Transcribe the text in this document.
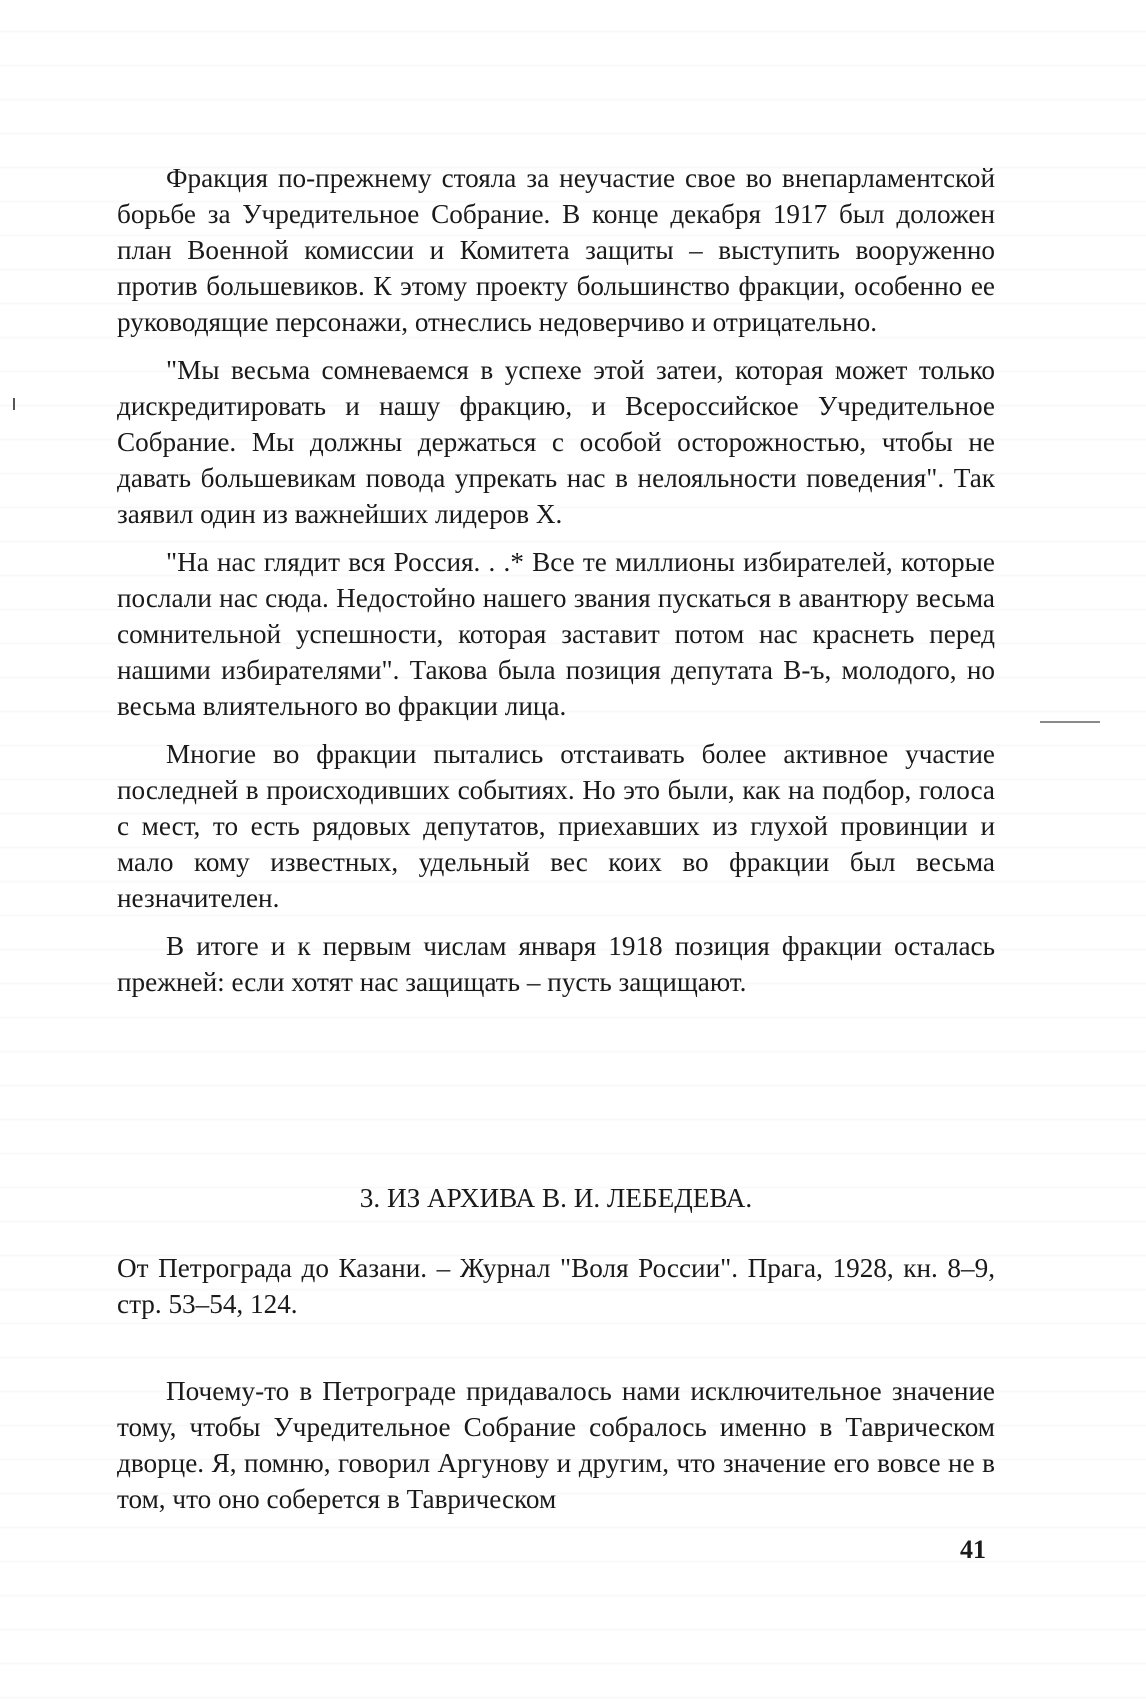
Фракция по-прежнему стояла за неучастие свое во внепарламентской борьбе за Учредительное Собрание. В конце декабря 1917 был доложен план Военной комиссии и Комитета защиты – выступить вооруженно против большевиков. К этому проекту большинство фракции, особенно ее руководящие персонажи, отнеслись недоверчиво и отрицательно.

"Мы весьма сомневаемся в успехе этой затеи, которая может только дискредитировать и нашу фракцию, и Всероссийское Учредительное Собрание. Мы должны держаться с особой осторожностью, чтобы не давать большевикам повода упрекать нас в нелояльности поведения". Так заявил один из важнейших лидеров Х.

"На нас глядит вся Россия. . .* Все те миллионы избирателей, которые послали нас сюда. Недостойно нашего звания пускаться в авантюру весьма сомнительной успешности, которая заставит потом нас краснеть перед нашими избирателями". Такова была позиция депутата В-ъ, молодого, но весьма влиятельного во фракции лица.

Многие во фракции пытались отстаивать более активное участие последней в происходивших событиях. Но это были, как на подбор, голоса с мест, то есть рядовых депутатов, приехавших из глухой провинции и мало кому известных, удельный вес коих во фракции был весьма незначителен.

В итоге и к первым числам января 1918 позиция фракции осталась прежней: если хотят нас защищать – пусть защищают.

3. ИЗ АРХИВА В. И. ЛЕБЕДЕВА.

От Петрограда до Казани. – Журнал "Воля России". Прага, 1928, кн. 8–9, стр. 53–54, 124.

Почему-то в Петрограде придавалось нами исключительное значение тому, чтобы Учредительное Собрание собралось именно в Таврическом дворце. Я, помню, говорил Аргунову и другим, что значение его вовсе не в том, что оно соберется в Таврическом

41
